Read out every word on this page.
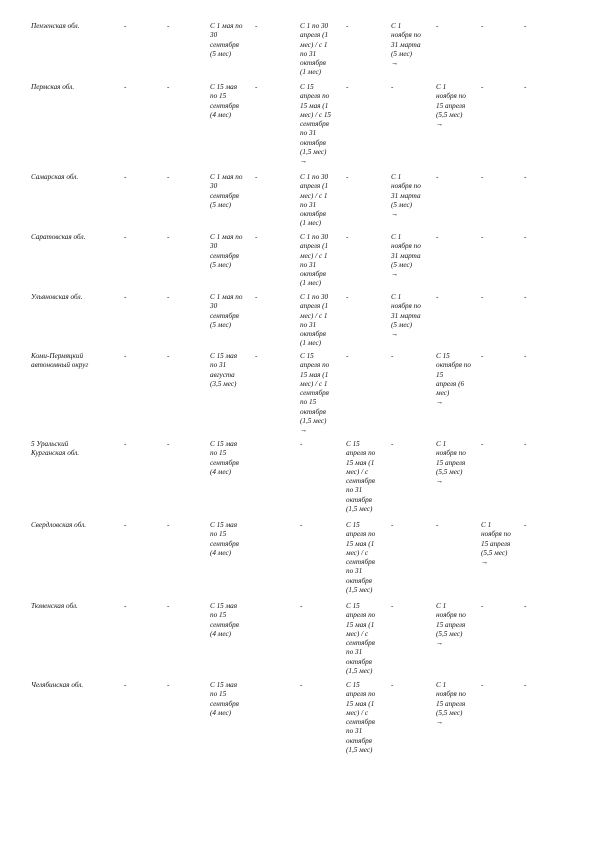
Пензенская обл.	-	-	С 1 мая по
30
сентября
(5 мес)
-	С 1 по 30
апреля (1
мес) / с 1
по 31
октября
(1 мес)
-	С 1
ноября по
31 марта
(5 мес)
→
-	-	-
Пермская обл.	-	-	С 15 мая
по 15
сентября
(4 мес)
-	С 15
апреля по
15 мая (1
мес) / с 15
сентября
по 31
октября
(1,5 мес)
→
-	-	С 1
ноября по
15 апреля
(5,5 мес)
→
-	-
Самарская обл.	-	-	С 1 мая по
30
сентября
(5 мес)
-	С 1 по 30
апреля (1
мес) / с 1
по 31
октября
(1 мес)
-	С 1
ноября по
31 марта
(5 мес)
→
-	-	-
Саратовская обл.	-	-	С 1 мая по
30
сентября
(5 мес)
-	С 1 по 30
апреля (1
мес) / с 1
по 31
октября
(1 мес)
-	С 1
ноября по
31 марта
(5 мес)
→
-	-	-
Ульяновская обл.	-	-	С 1 мая по
30
сентября
(5 мес)
-	С 1 по 30
апреля (1
мес) / с 1
по 31
октября
(1 мес)
-	С 1
ноября по
31 марта
(5 мес)
→
-	-	-
Коми-Пермяцкий
автономный округ
-	-	С 15 мая
по 31
августа
(3,5 мес)
-	С 15
апреля по
15 мая (1
мес) / с 1
сентября
по 15
октября
(1,5 мес)
→
-	-	С 15
октября по
15
апреля (6
мес)
→
-	-
5 Уральский
Курганская обл.
-	-	С 15 мая
по 15
сентября
(4 мес)
-	С 15
апреля по
15 мая (1
мес) / с
сентября
по 31
октября
(1,5 мес)
-	С 1
ноября по
15 апреля
(5,5 мес)
→
-	-
Свердловская обл.	-	-	С 15 мая
по 15
сентября
(4 мес)
-	С 15
апреля по
15 мая (1
мес) / с
сентября
по 31
октября
(1,5 мес)
-	-	С 1
ноября по
15 апреля
(5,5 мес)
→
-
Тюменская обл.	-	-	С 15 мая
по 15
сентября
(4 мес)
-	С 15
апреля по
15 мая (1
мес) / с
сентября
по 31
октября
(1,5 мес)
-	С 1
ноября по
15 апреля
(5,5 мес)
→
-	-
Челябинская обл.	-	-	С 15 мая
по 15
сентября
(4 мес)
-	С 15
апреля по
15 мая (1
мес) / с
сентября
по 31
октября
(1,5 мес)
-	С 1
ноября по
15 апреля
(5,5 мес)
→
-	-
